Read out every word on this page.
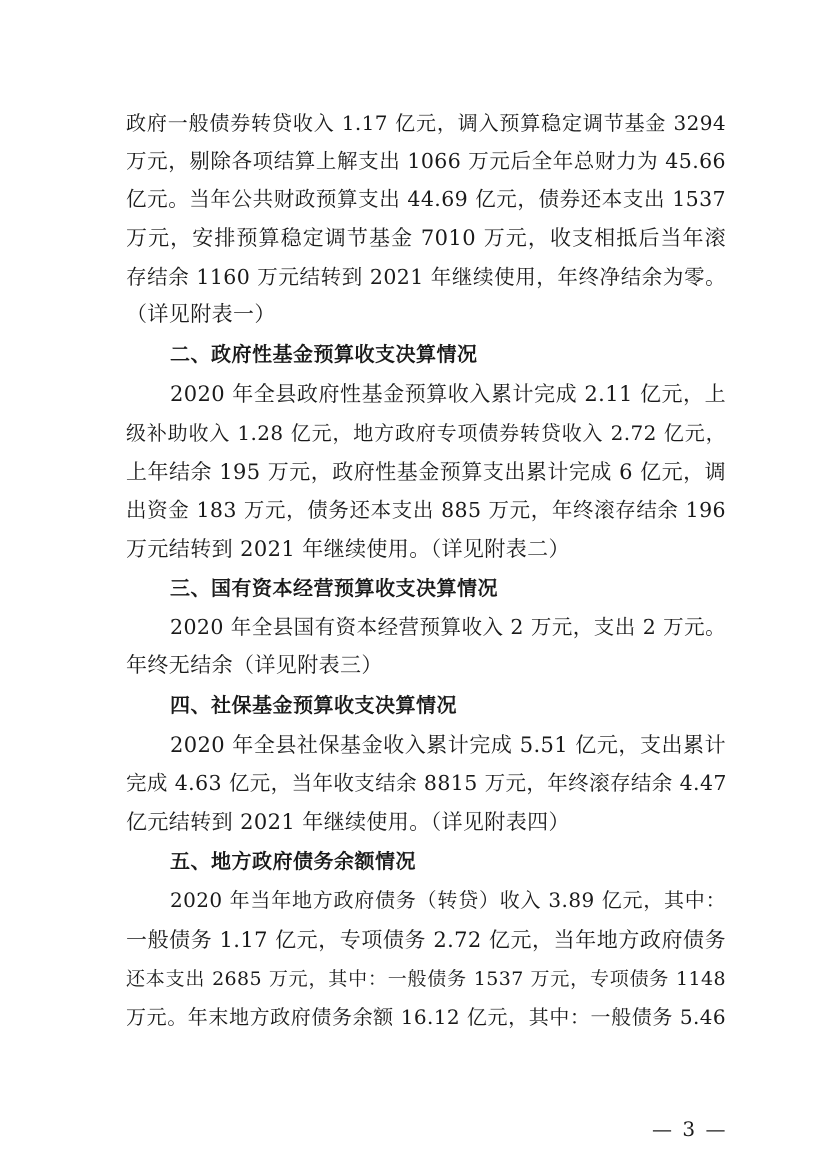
政府一般债券转贷收入 1.17 亿元，调入预算稳定调节基金 3294
万元，剔除各项结算上解支出 1066 万元后全年总财力为 45.66
亿元。当年公共财政预算支出 44.69 亿元，债券还本支出 1537
万元，安排预算稳定调节基金 7010 万元，收支相抵后当年滚
存结余 1160 万元结转到 2021 年继续使用，年终净结余为零。
（详见附表一）
二、政府性基金预算收支决算情况
2020 年全县政府性基金预算收入累计完成 2.11 亿元，上
级补助收入 1.28 亿元，地方政府专项债券转贷收入 2.72 亿元，
上年结余 195 万元，政府性基金预算支出累计完成 6 亿元，调
出资金 183 万元，债务还本支出 885 万元，年终滚存结余 196
万元结转到 2021 年继续使用。（详见附表二）
三、国有资本经营预算收支决算情况
2020 年全县国有资本经营预算收入 2 万元，支出 2 万元。
年终无结余（详见附表三）
四、社保基金预算收支决算情况
2020 年全县社保基金收入累计完成 5.51 亿元，支出累计
完成 4.63 亿元，当年收支结余 8815 万元，年终滚存结余 4.47
亿元结转到 2021 年继续使用。（详见附表四）
五、地方政府债务余额情况
2020 年当年地方政府债务（转贷）收入 3.89 亿元，其中：
一般债务 1.17 亿元，专项债务 2.72 亿元，当年地方政府债务
还本支出 2685 万元，其中：一般债务 1537 万元，专项债务 1148
万元。年末地方政府债务余额 16.12 亿元，其中：一般债务 5.46
— 3 —
